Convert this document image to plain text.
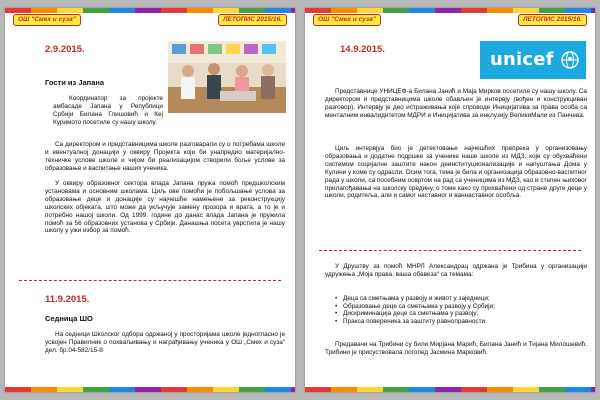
ОШ "Смех и суза"	ЛЕТОПИС 2015/16.
2.9.2015.
Гости из Јапана

Координатор за пројекте амбасаде Јапана у Републици Србији Билана Глишовић и Кеј Куримото посетиле су нашу школу.

Са директором и представницима школе разговарали су о потребама школе и евентуалној донацији у оквиру Пројекта који би унапредио материјално-техничке услове школе и чијом би реализацијом створили боље услове за образовање и васпитање наших ученика.

У оквиру образовног сектора влада Јапана пружа помоћ предшколским установама и основним школама. Циљ ове помоћи је побољшање услова за образовање деце и донације су најчешће намењене за реконструкцију школских објеката, што може да укључује замену прозора и врата, а то је и потребно нашој школи. Од 1999. године до данас влада Јапана је пружила помоћ за 56 образовних установа у Србији. Данашња посета уврстила је нашу школу у ужи избор за помоћ.

11.9.2015.
Седница ШО

На седници Школског одбора одржаној у просторијама школе једногласно је усвојен Правилник о похваљивању и награђивању ученика у ОШ „Смех и суза“ дел. бр.04-582/15-8

ОШ "Смех и суза"	ЛЕТОПИС 2015/16.
14.9.2015.	unicef

Представнице УНИЦЕФ-а Билана Јанић и Маја Мирков посетиле су нашу школу. Са директором и представницима школе обављен је интервју (вођен и конструкциван разговор). Интервју је део истраживања које спроводе Иницијатива за права особа са менталним инвалидитетом МДРИ и Иницијатива за инклузију ВеликиМали из Панчева.

Циљ интервјуа био је детектовање најчешћих препрека у организовању образовања и додатне подршке за ученике наше школе из МДЗ, које су обухваћени системом социјалне заштите након деинституционализације и напуштања Дома у Кулини у коме су одрасли. Осим тога, тема је била и организација образовно-васпитног рада у школи, са посебним освртом на рад са ученицима из МДЗ, као и степен њиховог прилагођавања на школску средину, о томе како су прихваћени од стране друге деце у школи, родитеља, али и самог наставног и ваннаставног особља.

У Друштву за помоћ МНРЛ Александрац одржана је Трибина у организацији удружења „Моја права, ваша обавеза“ са темама:

• Деца са сметњама у развоју и живот у заједници;
• Образовање деце са сметњама у развоју у Србији;
• Дискриминација деце са сметњама у развоју;
• Пракса повереника за заштиту равноправности.

Предавачи на Трибини су били Мирјана Марић, Билана Јанић и Тијана Милошевић. Трибини је присуствовала логопед Јасмина Марковић.
